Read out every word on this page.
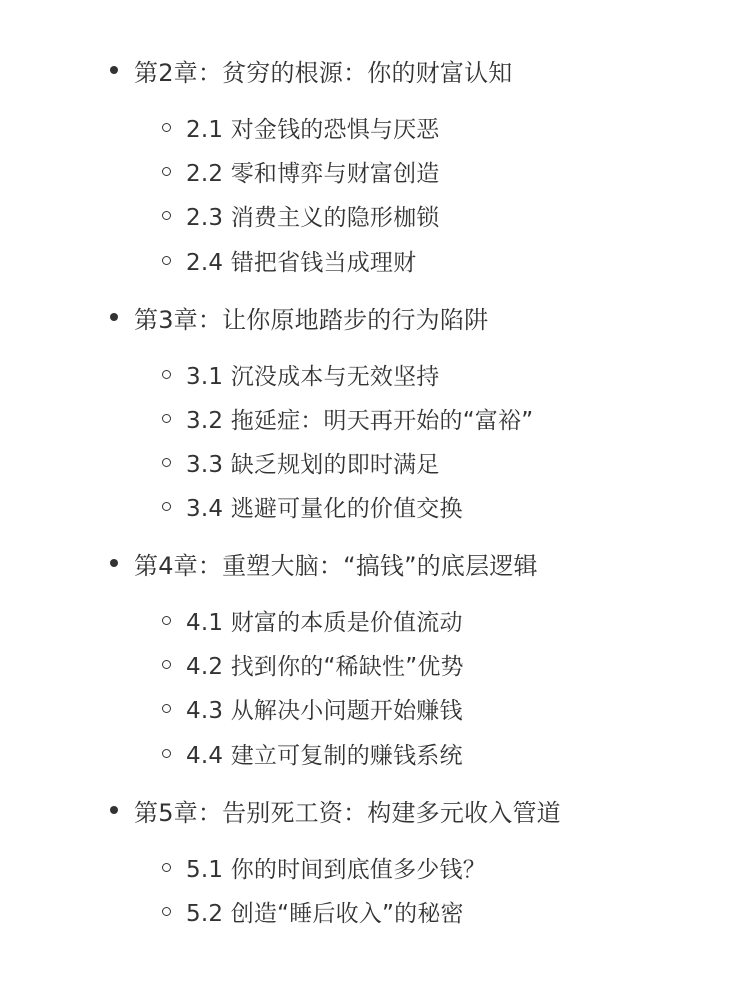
第2章：贫穷的根源：你的财富认知
2.1 对金钱的恐惧与厌恶
2.2 零和博弈与财富创造
2.3 消费主义的隐形枷锁
2.4 错把省钱当成理财
第3章：让你原地踏步的行为陷阱
3.1 沉没成本与无效坚持
3.2 拖延症：明天再开始的“富裕”
3.3 缺乏规划的即时满足
3.4 逃避可量化的价值交换
第4章：重塑大脑：“搞钱”的底层逻辑
4.1 财富的本质是价值流动
4.2 找到你的“稀缺性”优势
4.3 从解决小问题开始赚钱
4.4 建立可复制的赚钱系统
第5章：告别死工资：构建多元收入管道
5.1 你的时间到底值多少钱？
5.2 创造“睡后收入”的秘密
